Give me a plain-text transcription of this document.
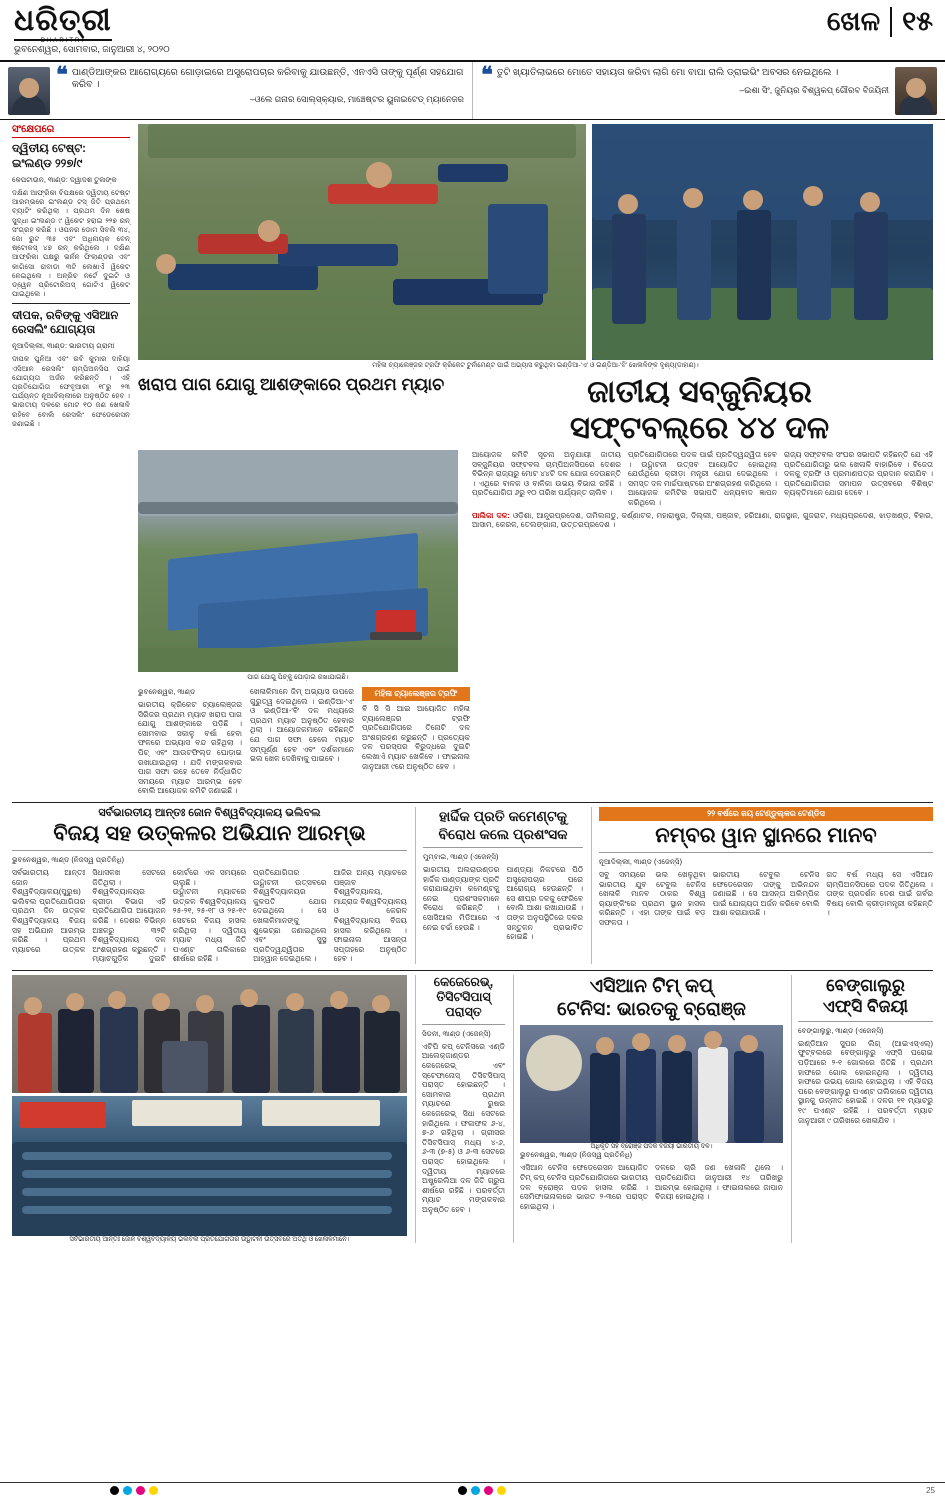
ଧରିତ୍ରୀ
DHARITRI
ଭୁବନେଶ୍ୱର, ସୋମବାର, ଜାନୁଆରୀ ୪, ୨୦୨୦
ଖେଳ ୧୫
❝ ପାଣ୍ଡିଆଙ୍କର ଆରୋଗ୍ୟରେ ଗୋଡ଼ାଇରେ ଅସ୍ତ୍ରୋପଚାର କରିବାକୁ ଯାଉଛନ୍ତି, ଏନଏସି ତାଙ୍କୁ ପୂର୍ଣ୍ଣ ସହଯୋଗ କରିବ ।
–ଓଲେ ଗନାର ସୋଲ୍‌ସ୍କ୍ୟାର, ମାଞ୍ଚେଷ୍ଟର ୟୁନାଇଟେଡ୍‌ ମ୍ୟାନେଜର
❝ ତୁଟି ଖ୍ୟାତିଲାଭରେ ମୋତେ ସହାୟତା କରିବା ଲାଗି ମୋ ବାପା ରାଲି ଡ୍ରାଇଭିଂ ଅବସର ନେଇଥିଲେ ।
–ଇଶା ସିଂ, ଜୁନିୟର ବିଶ୍ୱକପ୍ ଗୌରବ ବିଜୟିନୀ
ସଂକ୍ଷେପରେ
ଦ୍ୱିତୀୟ ଟେଷ୍ଟ:
ଇଂଲଣ୍ଡ ୨୨୭/୯
କେପଟାଉନ, ୩ାଣ୍ଡ: ଦ୍ୱାଦଶ ତୁଳାଙ୍କ
ଦକ୍ଷିଣ ଆଫ୍ରିକା ବିପକ୍ଷରେ ଦ୍ୱିତୀୟ ଟେଷ୍ଟ ଆରମ୍ଭରେ ଇଂଲଣ୍ଡ ଟସ୍ ଜିତି ପ୍ରଥମେ ବ୍ୟାଟିଂ କରିଥିଲା । ପ୍ରଥମ ଦିନ ଶେଷ ସୁଦ୍ଧା ଇଂଲଣ୍ଡ ୯ ୱିକେଟ ହରାଇ ୨୨୭ ରନ୍ ସଂଗ୍ରହ କରିଛି । ଓପନର ଡୋମ ସିବଲି ୩୪, ଜୋ ରୁଟ ୩୫ ଏବଂ ଅଧିନାୟକ ବେନ୍ ଷ୍ଟୋକସ୍ ୪୭ ରନ୍ କରିଥିଲେ । ଦକ୍ଷିଣ ଆଫ୍ରିକା ପକ୍ଷରୁ ଭର୍ନନ ଫିଲାଣ୍ଡର ଏବଂ କାଗିସୋ ରାବାଡା ୩ଟି ଲେଖାଏଁ ୱିକେଟ ନେଇଥିଲେ । ଅନ୍ରିଚ ନର୍ଟେ ଦୁଇଟି ଓ ଡ୍ୱେନ ପ୍ରିଟୋରିଅସ୍ ଗୋଟିଏ ୱିକେଟ ପାଇଥିଲେ ।
ଦୀପକ, ରବିଙ୍କୁ ଏସିଆନ ରେସଲିଂ ଯୋଗ୍ୟତା
ନୂଆଦିଲ୍ଲୀ, ୩ାଣ୍ଡ: ଭାରତୀୟ ଗ୍ରାମୀ
ଦୀପକ ପୁନିଆ ଏବଂ ରବି କୁମାର ଦାହିୟା ଏସିଆନ ରେସଲିଂ ଚାମ୍ପିଅନସିପ ପାଇଁ ଯୋଗ୍ୟତା ଅର୍ଜନ କରିଛନ୍ତି । ଏହି ପ୍ରତିଯୋଗିତା ଫେବୃଆରୀ ୧୮ରୁ ୨୩ ପର୍ଯ୍ୟନ୍ତ ନୂଆଦିଲ୍ଲୀରେ ଅନୁଷ୍ଠିତ ହେବ । ଭାରତୀୟ ଦଳରେ ମୋଟ ୧୦ ଜଣ ଖେଳାଳି ରହିବେ ବୋଲି ରେସଲିଂ ଫେଡେରେସନ ଜଣାଇଛି ।
ମହିଳା ଚ୍ୟାଲେଞ୍ଜର ଟ୍ରଫି କ୍ରିକେଟ ଟୁର୍ନାମେଣ୍ଟ ପାଇଁ ଅଭ୍ୟାସ କରୁଥିବା ଇଣ୍ଡିଆ-'ଏ' ଓ ଇଣ୍ଡିଆ-'ବି' ଖେଳାଳିଙ୍କ ଦୃଶ୍ୟ(ଡାହାଣ)।
ଖରାପ ପାଗ ଯୋଗୁ ଆଶଙ୍କାରେ ପ୍ରଥମ ମ୍ୟାଚ	ଜାତୀୟ ସବ୍‌ଜୁନିୟର
ସଫ୍‌ଟବଲ୍‌ରେ ୪୪ ଦଳ
ପାଗ ଯୋଗୁ ପିଚ୍‌କୁ ଘୋଡ଼ାଇ ରଖାଯାଇଛି।
ଆୟୋଜକ କମିଟି ସୂଚନା ଅନୁଯାୟୀ ଜାତୀୟ ସବ୍‌ଜୁନିୟର ସଫ୍‌ଟବଲ ଚାମ୍ପିଅନସିପରେ ଦେଶର ବିଭିନ୍ନ ରାଜ୍ୟରୁ ମୋଟ ୪୪ଟି ଦଳ ଯୋଗ ଦେଉଛନ୍ତି । ଏଥିରେ ବାଳକ ଓ ବାଳିକା ଉଭୟ ବିଭାଗ ରହିଛି । ପ୍ରତିଯୋଗିତା ୬ରୁ ୧୦ ତାରିଖ ପର୍ଯ୍ୟନ୍ତ ଚାଲିବ ।
ପ୍ରତିଯୋଗିତାରେ ପଦକ ପାଇଁ ପ୍ରତିଦ୍ୱନ୍ଦ୍ୱିତା ହେବ । ଉଦ୍ଘାଟନୀ ଉତ୍ସବ ଆୟୋଜିତ ହୋଇଥିଲା ଯେଉଁଥିରେ କ୍ରୀଡ଼ା ମନ୍ତ୍ରୀ ଯୋଗ ଦେଇଥିଲେ । ସମସ୍ତ ଦଳ ମାର୍ଚ୍ଚପାଷ୍ଟରେ ଅଂଶଗ୍ରହଣ କରିଥିଲେ । ଆୟୋଜକ କମିଟିର ସଭାପତି ଧନ୍ୟବାଦ ଜ୍ଞାପନ କରିଥିଲେ ।
ରାଜ୍ୟ ସଫ୍‌ଟବଲ ସଂଘର ସଭାପତି କହିଛନ୍ତି ଯେ ଏହି ପ୍ରତିଯୋଗିତାରୁ ଭଲ ଖେଳାଳି ବାହାରିବେ । ବିଜେତା ଦଳକୁ ଟ୍ରଫି ଓ ପ୍ରମାଣପତ୍ର ପ୍ରଦାନ କରାଯିବ । ପ୍ରତିଯୋଗିତାର ସମାପନ ଉତ୍ସବରେ ବିଶିଷ୍ଟ ବ୍ୟକ୍ତିମାନେ ଯୋଗ ଦେବେ ।
ପାଲିକା ଦଳ: ଓଡ଼ିଶା, ଆନ୍ଧ୍ରପ୍ରଦେଶ, ତାମିଲନାଡୁ, କର୍ଣ୍ଣାଟକ, ମହାରାଷ୍ଟ୍ର, ଦିଲ୍ଲୀ, ପଞ୍ଜାବ, ହରିଆଣା, ରାଜସ୍ଥାନ, ଗୁଜରାଟ, ମଧ୍ୟପ୍ରଦେଶ, ଝାଡ଼ଖଣ୍ଡ, ବିହାର, ଆସାମ, କେରଳ, ତେଲଙ୍ଗାନା, ଉତ୍ତରପ୍ରଦେଶ ।
ଭୁବନେଶ୍ୱର, ୩ାଣ୍ଡ
ଭାରତୀୟ କ୍ରିକେଟ ଚ୍ୟାଲେଞ୍ଜର ସିରିଜର ପ୍ରଥମ ମ୍ୟାଚ ଖରାପ ପାଗ ଯୋଗୁ ଆଶଙ୍କାରେ ପଡ଼ିଛି । ସୋମବାର ସକାଳୁ ବର୍ଷା ହେବା ଫଳରେ ଅଭ୍ୟାସ ବନ୍ଦ ରହିଥିଲା । ପିଚ୍ ଏବଂ ଆଉଟଫିଲ୍ଡ ଘୋଡ଼ାଇ ରଖାଯାଇଥିଲା । ଯଦି ମଙ୍ଗଳବାର ପାଗ ସଫା ରହେ ତେବେ ନିର୍ଦ୍ଧାରିତ ସମୟରେ ମ୍ୟାଚ ଆରମ୍ଭ ହେବ ବୋଲି ଆୟୋଜକ କମିଟି ଜଣାଇଛି ।
ଖେଳାଳିମାନେ ଜିମ୍ ଅଭ୍ୟାସ ଉପରେ ଗୁରୁତ୍ୱ ଦେଇଥିଲେ । ଇଣ୍ଡିଆ-'ଏ' ଓ ଇଣ୍ଡିଆ-'ବି' ଦଳ ମଧ୍ୟରେ ପ୍ରଥମ ମ୍ୟାଚ ଅନୁଷ୍ଠିତ ହେବାର ଥିଲା । ଆୟୋଜକମାନେ କହିଛନ୍ତି ଯେ ପାଗ ସଫା ହେଲେ ମ୍ୟାଚ ସମ୍ପୂର୍ଣ୍ଣ ହେବ ଏବଂ ଦର୍ଶକମାନେ ଭଲ ଖେଳ ଦେଖିବାକୁ ପାଇବେ ।
ମହିଳା ଚ୍ୟାଲେଞ୍ଜର ଟ୍ରଫି
ବି ସି ସି ଆଇ ଆୟୋଜିତ ମହିଳା ଚ୍ୟାଲେଞ୍ଜର ଟ୍ରଫି ପ୍ରତିଯୋଗିତାରେ ତିନୋଟି ଦଳ ଅଂଶଗ୍ରହଣ କରୁଛନ୍ତି । ପ୍ରତ୍ୟେକ ଦଳ ପରସ୍ପର ବିରୁଦ୍ଧରେ ଦୁଇଟି ଲେଖାଏଁ ମ୍ୟାଚ ଖେଳିବେ । ଫାଇନାଲ ଜାନୁଆରୀ ୯ରେ ଅନୁଷ୍ଠିତ ହେବ ।
ସର୍ବଭାରତୀୟ ଆନ୍ତଃ ଜୋନ ବିଶ୍ୱବିଦ୍ୟାଳୟ ଭଲିବଲ
ବିଜୟ ସହ ଉତ୍କଳର ଅଭିଯାନ ଆରମ୍ଭ
ଭୁବନେଶ୍ୱର, ୩ାଣ୍ଡ (ନିଜସ୍ୱ ପ୍ରତିନିଧି)
ସର୍ବଭାରତୀୟ ଆନ୍ତଃ ଜୋନ ବିଶ୍ୱବିଦ୍ୟାଳୟ(ପୁରୁଷ) ଭଲିବଲ ପ୍ରତିଯୋଗିତାର ପ୍ରଥମ ଦିନ ଉତ୍କଳ ବିଶ୍ୱବିଦ୍ୟାଳୟ ବିଜୟ ସହ ଅଭିଯାନ ଆରମ୍ଭ କରିଛି । ପ୍ରଥମ ମ୍ୟାଚରେ ଉତ୍କଳ ସିଧାସଳଖ ସେଟରେ ଜିତିଥିଲା ।
ବିଶ୍ୱବିଦ୍ୟାଳୟର କ୍ରୀଡ଼ା ବିଭାଗ ଏହି ପ୍ରତିଯୋଗିତା ଆୟୋଜନ କରିଛି । ଦେଶର ବିଭିନ୍ନ ଅଞ୍ଚଳରୁ ୩୨ଟି ବିଶ୍ୱବିଦ୍ୟାଳୟ ଦଳ ଅଂଶଗ୍ରହଣ କରୁଛନ୍ତି । ମ୍ୟାଚଗୁଡ଼ିକ ଦୁଇଟି କୋର୍ଟରେ ଏକ ସମୟରେ ଚାଲୁଛି ।
ଉଦ୍ଘାଟନୀ ମ୍ୟାଚରେ ଉତ୍କଳ ବିଶ୍ୱବିଦ୍ୟାଳୟ ୨୫-୨୧, ୨୫-୧୮ ଓ ୨୫-୧୯ ସେଟରେ ବିଜୟ ହାସଲ କରିଥିଲା । ଦ୍ୱିତୀୟ ମ୍ୟାଚ ମଧ୍ୟ ଜିତି ପଏଣ୍ଟ ତାଲିକାରେ ଶୀର୍ଷରେ ରହିଛି ।
ପ୍ରତିଯୋଗିତାର ଉଦ୍ଘାଟନୀ ଉତ୍ସବରେ ବିଶ୍ୱବିଦ୍ୟାଳୟର କୁଳପତି ଯୋଗ ଦେଇଥିଲେ । ସେ ଖେଳାଳିମାନଙ୍କୁ ଶୁଭେଚ୍ଛା ଜଣାଇଥିଲେ ଏବଂ ସୁସ୍ଥ ପ୍ରତିଦ୍ୱନ୍ଦ୍ୱିତାର ଆହ୍ୱାନ ଦେଇଥିଲେ ।
ଆଜିର ଅନ୍ୟ ମ୍ୟାଚରେ ପଞ୍ଜାବ ବିଶ୍ୱବିଦ୍ୟାଳୟ, ମାନ୍ଦ୍ରାଜ ବିଶ୍ୱବିଦ୍ୟାଳୟ ଓ କେରଳ ବିଶ୍ୱବିଦ୍ୟାଳୟ ବିଜୟ ହାସଲ କରିଥିଲେ । ଫାଇନାଲ ଆସନ୍ତା ସପ୍ତାହରେ ଅନୁଷ୍ଠିତ ହେବ ।
ହାର୍ଦ୍ଦିକ ପ୍ରତି କମେଣ୍ଟକୁ
ବିରୋଧ କଲେ ପ୍ରଶଂସକ
ମୁମ୍ବାଇ, ୩ାଣ୍ଡ (ଏଜେନ୍ସି)
ଭାରତୀୟ ଅଲରାଉଣ୍ଡର ହାର୍ଦ୍ଦିକ ପାଣ୍ଡ୍ୟାଙ୍କ ପ୍ରତି କରାଯାଇଥିବା କମେଣ୍ଟକୁ ନେଇ ପ୍ରଶଂସକମାନେ ବିରୋଧ କରିଛନ୍ତି । ସୋସିଆଲ ମିଡିଆରେ ଏ ନେଇ ଚର୍ଚ୍ଚା ହେଉଛି ।
ପାଣ୍ଡ୍ୟା ନିକଟରେ ପିଠି ଅସ୍ତ୍ରୋପଚାର ପରେ ଆରୋଗ୍ୟ ହେଉଛନ୍ତି । ସେ ଶୀଘ୍ର ଦଳକୁ ଫେରିବେ ବୋଲି ଆଶା ରଖାଯାଉଛି । ତାଙ୍କ ଅନୁପସ୍ଥିତିରେ ଦଳର ସନ୍ତୁଳନ ପ୍ରଭାବିତ ହୋଇଛି ।
୨୨ ବର୍ଷରେ ଜୟ ଟେଣ୍ଡୁଲ୍‌କର ଟେଣ୍ଡିସ
ନମ୍ବର ୱାନ ସ୍ଥାନରେ ମାନବ
ନୂଆଦିଲ୍ଲୀ, ୩ାଣ୍ଡ (ଏଜେନ୍ସି)
ସବୁ ସମୟରେ ଭଲ ଖେଳୁଥିବା ଭାରତୀୟ ଯୁବ ଟେବୁଲ ଟେନିସ ଖେଳାଳି ମାନବ ଠାକର ବିଶ୍ୱ ର‍୍ୟାଙ୍କିଂରେ ପ୍ରଥମ ସ୍ଥାନ ହାସଲ କରିଛନ୍ତି । ଏହା ତାଙ୍କ ପାଇଁ ବଡ଼ ସଫଳତା ।
ଭାରତୀୟ ଟେବୁଲ ଟେନିସ ଫେଡେରେସନ ତାଙ୍କୁ ଅଭିନନ୍ଦନ ଜଣାଇଛି । ସେ ଆସନ୍ତା ଅଲିମ୍ପିକ ପାଇଁ ଯୋଗ୍ୟତା ଅର୍ଜନ କରିବେ ବୋଲି ଆଶା କରାଯାଉଛି ।
ଗତ ବର୍ଷ ମଧ୍ୟ ସେ ଏସିଆନ ଚାମ୍ପିଅନସିପରେ ପଦକ ଜିତିଥିଲେ । ତାଙ୍କ ପ୍ରଦର୍ଶନ ଦେଶ ପାଇଁ ଗର୍ବର ବିଷୟ ବୋଲି କ୍ରୀଡ଼ାମନ୍ତ୍ରୀ କହିଛନ୍ତି ।
ସର୍ବଭାରତୀୟ ଆନ୍ତଃ ଜୋନ ବିଶ୍ୱବିଦ୍ୟାଳୟ ଭଲିବଲ ପ୍ରତିଯୋଗିତାର ଉଦ୍ଘାଟନୀ ଉତ୍ସବରେ ଅତିଥି ଓ ଖେଳାଳିମାନେ।
କେଜେରେଭ୍,
ତିସିଟସିପାସ୍ ପରାସ୍ତ
ସିଡନୀ, ୩ାଣ୍ଡ (ଏଜେନ୍ସି)
ଏଟିପି କପ୍ ଟେନିସରେ ଏଣ୍ଡି ଆଲେକ୍ଜାଣ୍ଡର କେଜେରେଭ୍ ଏବଂ ସ୍ଟେଫାନୋସ୍ ତିସିଟସିପାସ୍ ପରାସ୍ତ ହୋଇଛନ୍ତି । ସୋମବାର ପ୍ରଥମ ମ୍ୟାଚରେ ରୁଷର କେଜେରେଭ୍ ସିଧା ସେଟରେ ହାରିଥିଲେ । ଫଳାଫଳ ୬-୪, ୭-୬ ରହିଥିଲା । ଗ୍ରୀସର ତିସିଟସିପାସ୍ ମଧ୍ୟ ୪-୬, ୬-୩ (୭-୫) ଓ ୬-୩ ସେଟରେ ପରାସ୍ତ ହୋଇଥିଲେ । ଦ୍ୱିତୀୟ ମ୍ୟାଚରେ ଅଷ୍ଟ୍ରେଲିଆ ଦଳ ଜିତି ଗ୍ରୁପ ଶୀର୍ଷରେ ରହିଛି । ପରବର୍ତ୍ତୀ ମ୍ୟାଚ ମଙ୍ଗଳବାର ଅନୁଷ୍ଠିତ ହେବ ।
ଏସିଆନ ଟିମ୍ କପ୍
ଟେନିସ: ଭାରତକୁ ବ୍ରୋଞ୍ଜ
ଅଧିକୃତ ସହ ବ୍ରୋଞ୍ଜ ପଦକ ବିଜୟୀ ଭାରତୀୟ ଦଳ।
ଭୁବନେଶ୍ୱର, ୩ାଣ୍ଡ (ନିଜସ୍ୱ ପ୍ରତିନିଧି)
ଏସିଆନ ଟେନିସ ଫେଡେରେସନ ଆୟୋଜିତ ଟିମ୍ କପ୍ ଟେନିସ ପ୍ରତିଯୋଗିତାରେ ଭାରତୀୟ ଦଳ ବ୍ରୋଞ୍ଜ ପଦକ ହାସଲ କରିଛି । ସେମିଫାଇନାଲରେ ଭାରତ ୨-୩ରେ ପରାସ୍ତ ହୋଇଥିଲା ।
ଦଳରେ ଚାରି ଜଣ ଖେଳାଳି ଥିଲେ । ପ୍ରତିଯୋଗିତା ଜାନୁଆରୀ ୧୪ ତାରିଖରୁ ଆରମ୍ଭ ହୋଇଥିଲା । ଫାଇନାଲରେ ଜାପାନ ବିଜୟୀ ହୋଇଥିଲା ।
ବେଙ୍ଗାଲୁରୁ
ଏଫ୍‌ସି ବିଜୟୀ
ବେଙ୍ଗାଲୁରୁ, ୩ାଣ୍ଡ (ଏଜେନ୍ସି)
ଇଣ୍ଡିଆନ ସୁପର ଲିଗ୍ (ଆଇଏସ୍‌ଏଲ୍) ଫୁଟ୍‌ବଲରେ ବେଙ୍ଗାଲୁରୁ ଏଫ୍‌ସି ଘରୋଇ ପଡ଼ିଆରେ ୨-୧ ଗୋଲରେ ଜିତିଛି । ପ୍ରଥମ ହାଫରେ ଗୋଲ ହୋଇନଥିଲା । ଦ୍ୱିତୀୟ ହାଫରେ ଉଭୟ ଗୋଲ ହୋଇଥିଲା । ଏହି ବିଜୟ ପରେ ବେଙ୍ଗାଲୁରୁ ପଏଣ୍ଟ ତାଲିକାରେ ଦ୍ୱିତୀୟ ସ୍ଥାନକୁ ଉନ୍ନୀତ ହୋଇଛି । ଦଳର ୧୧ ମ୍ୟାଚରୁ ୧୯ ପଏଣ୍ଟ ରହିଛି । ପରବର୍ତ୍ତୀ ମ୍ୟାଚ ଜାନୁଆରୀ ୯ ତାରିଖରେ ଖେଳାଯିବ ।
25
